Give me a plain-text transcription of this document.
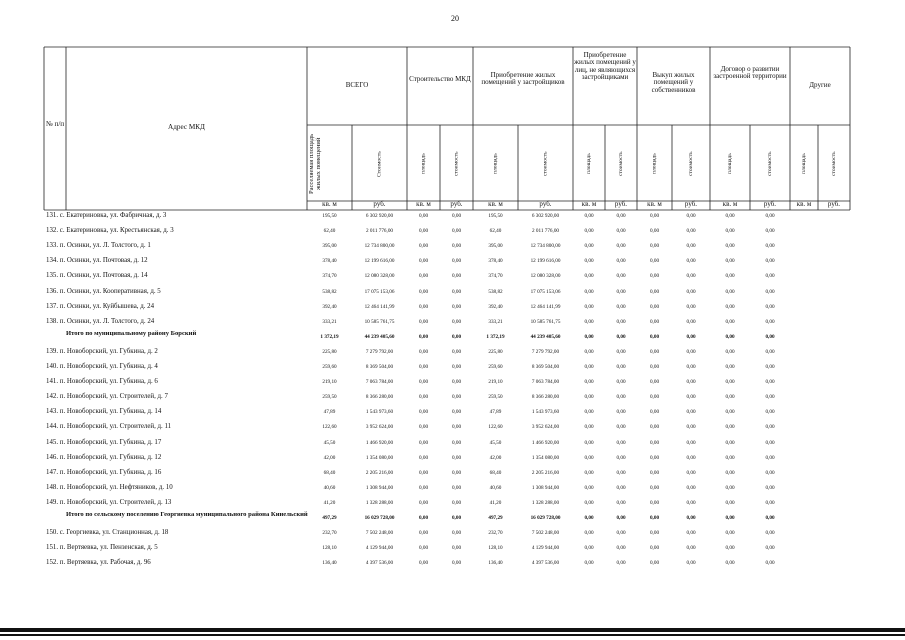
20
№ п/п	Адрес МКД
ВСЕГО
Строительство МКД	Приобретение жилых помещений у застройщиков
Приобретение жилых помещений у лиц, не являющихся застройщиками	Выкуп жилых помещений у собственников
Договор о развитии застроенной территории
Другие
Расселяемая площадь жилых помещений	Стоимость	площадь	стоимость	площадь	стоимость	площадь	стоимость	площадь	стоимость	площадь	стоимость	площадь	стоимость
кв. м	руб.	кв. м	руб.	кв. м	руб.	кв. м	руб.	кв. м	руб.	кв. м	руб.	кв. м	руб.
131. с. Екатериновка, ул. Фабричная, д. 3	195,50	6 302 920,00	0,00	0,00	195,50	6 302 920,00	0,00	0,00	0,00	0,00	0,00	0,00
132. с. Екатериновка, ул. Крестьянская, д. 3	62,40	2 011 776,00	0,00	0,00	62,40	2 011 776,00	0,00	0,00	0,00	0,00	0,00	0,00
133. п. Осинки, ул. Л. Толстого, д. 1	395,00	12 734 800,00	0,00	0,00	395,00	12 734 800,00	0,00	0,00	0,00	0,00	0,00	0,00
134. п. Осинки, ул. Почтовая, д. 12	378,40	12 199 616,00	0,00	0,00	378,40	12 199 616,00	0,00	0,00	0,00	0,00	0,00	0,00
135. п. Осинки, ул. Почтовая, д. 14	374,70	12 080 328,00	0,00	0,00	374,70	12 080 328,00	0,00	0,00	0,00	0,00	0,00	0,00
136. п. Осинки, ул. Кооперативная, д. 5	538,82	17 075 153,06	0,00	0,00	538,82	17 075 153,06	0,00	0,00	0,00	0,00	0,00	0,00
137. п. Осинки, ул. Куйбышева, д. 24	392,40	12 464 141,99	0,00	0,00	392,40	12 464 141,99	0,00	0,00	0,00	0,00	0,00	0,00
138. п. Осинки, ул. Л. Толстого, д. 24	333,21	10 585 761,75	0,00	0,00	333,21	10 585 761,75	0,00	0,00	0,00	0,00	0,00	0,00
Итого по муниципальному району Борский	1 372,19	44 239 405,60	0,00	0,00	1 372,19	44 239 405,60	0,00	0,00	0,00	0,00	0,00	0,00
139. п. Новоборский, ул. Губкина, д. 2	225,80	7 279 792,00	0,00	0,00	225,80	7 279 792,00	0,00	0,00	0,00	0,00	0,00	0,00
140. п. Новоборский, ул. Губкина, д. 4	259,60	8 369 504,00	0,00	0,00	259,60	8 369 504,00	0,00	0,00	0,00	0,00	0,00	0,00
141. п. Новоборский, ул. Губкина, д. 6	219,10	7 063 784,00	0,00	0,00	219,10	7 063 784,00	0,00	0,00	0,00	0,00	0,00	0,00
142. п. Новоборский, ул. Строителей, д. 7	259,50	8 366 280,00	0,00	0,00	259,50	8 366 280,00	0,00	0,00	0,00	0,00	0,00	0,00
143. п. Новоборский, ул. Губкина, д. 14	47,89	1 543 973,60	0,00	0,00	47,89	1 543 973,60	0,00	0,00	0,00	0,00	0,00	0,00
144. п. Новоборский, ул. Строителей, д. 11	122,60	3 952 624,00	0,00	0,00	122,60	3 952 624,00	0,00	0,00	0,00	0,00	0,00	0,00
145. п. Новоборский, ул. Губкина, д. 17	45,50	1 466 920,00	0,00	0,00	45,50	1 466 920,00	0,00	0,00	0,00	0,00	0,00	0,00
146. п. Новоборский, ул. Губкина, д. 12	42,00	1 354 080,00	0,00	0,00	42,00	1 354 080,00	0,00	0,00	0,00	0,00	0,00	0,00
147. п. Новоборский, ул. Губкина, д. 16	68,40	2 205 216,00	0,00	0,00	68,40	2 205 216,00	0,00	0,00	0,00	0,00	0,00	0,00
148. п. Новоборский, ул. Нефтяников, д. 10	40,60	1 308 944,00	0,00	0,00	40,60	1 308 944,00	0,00	0,00	0,00	0,00	0,00	0,00
149. п. Новоборский, ул. Строителей, д. 13	41,20	1 328 288,00	0,00	0,00	41,20	1 328 288,00	0,00	0,00	0,00	0,00	0,00	0,00
Итого по сельскому поселению Георгиевка муниципального района Кинельский	497,29	16 029 728,00	0,00	0,00	497,29	16 029 728,00	0,00	0,00	0,00	0,00	0,00	0,00
150. с. Георгиевка, ул. Станционная, д. 18	232,70	7 502 248,00	0,00	0,00	232,70	7 502 248,00	0,00	0,00	0,00	0,00	0,00	0,00
151. п. Вертяевка, ул. Пензенская, д. 5	128,10	4 129 944,00	0,00	0,00	128,10	4 129 944,00	0,00	0,00	0,00	0,00	0,00	0,00
152. п. Вертяевка, ул. Рабочая, д. 96	136,40	4 397 536,00	0,00	0,00	136,40	4 397 536,00	0,00	0,00	0,00	0,00	0,00	0,00
